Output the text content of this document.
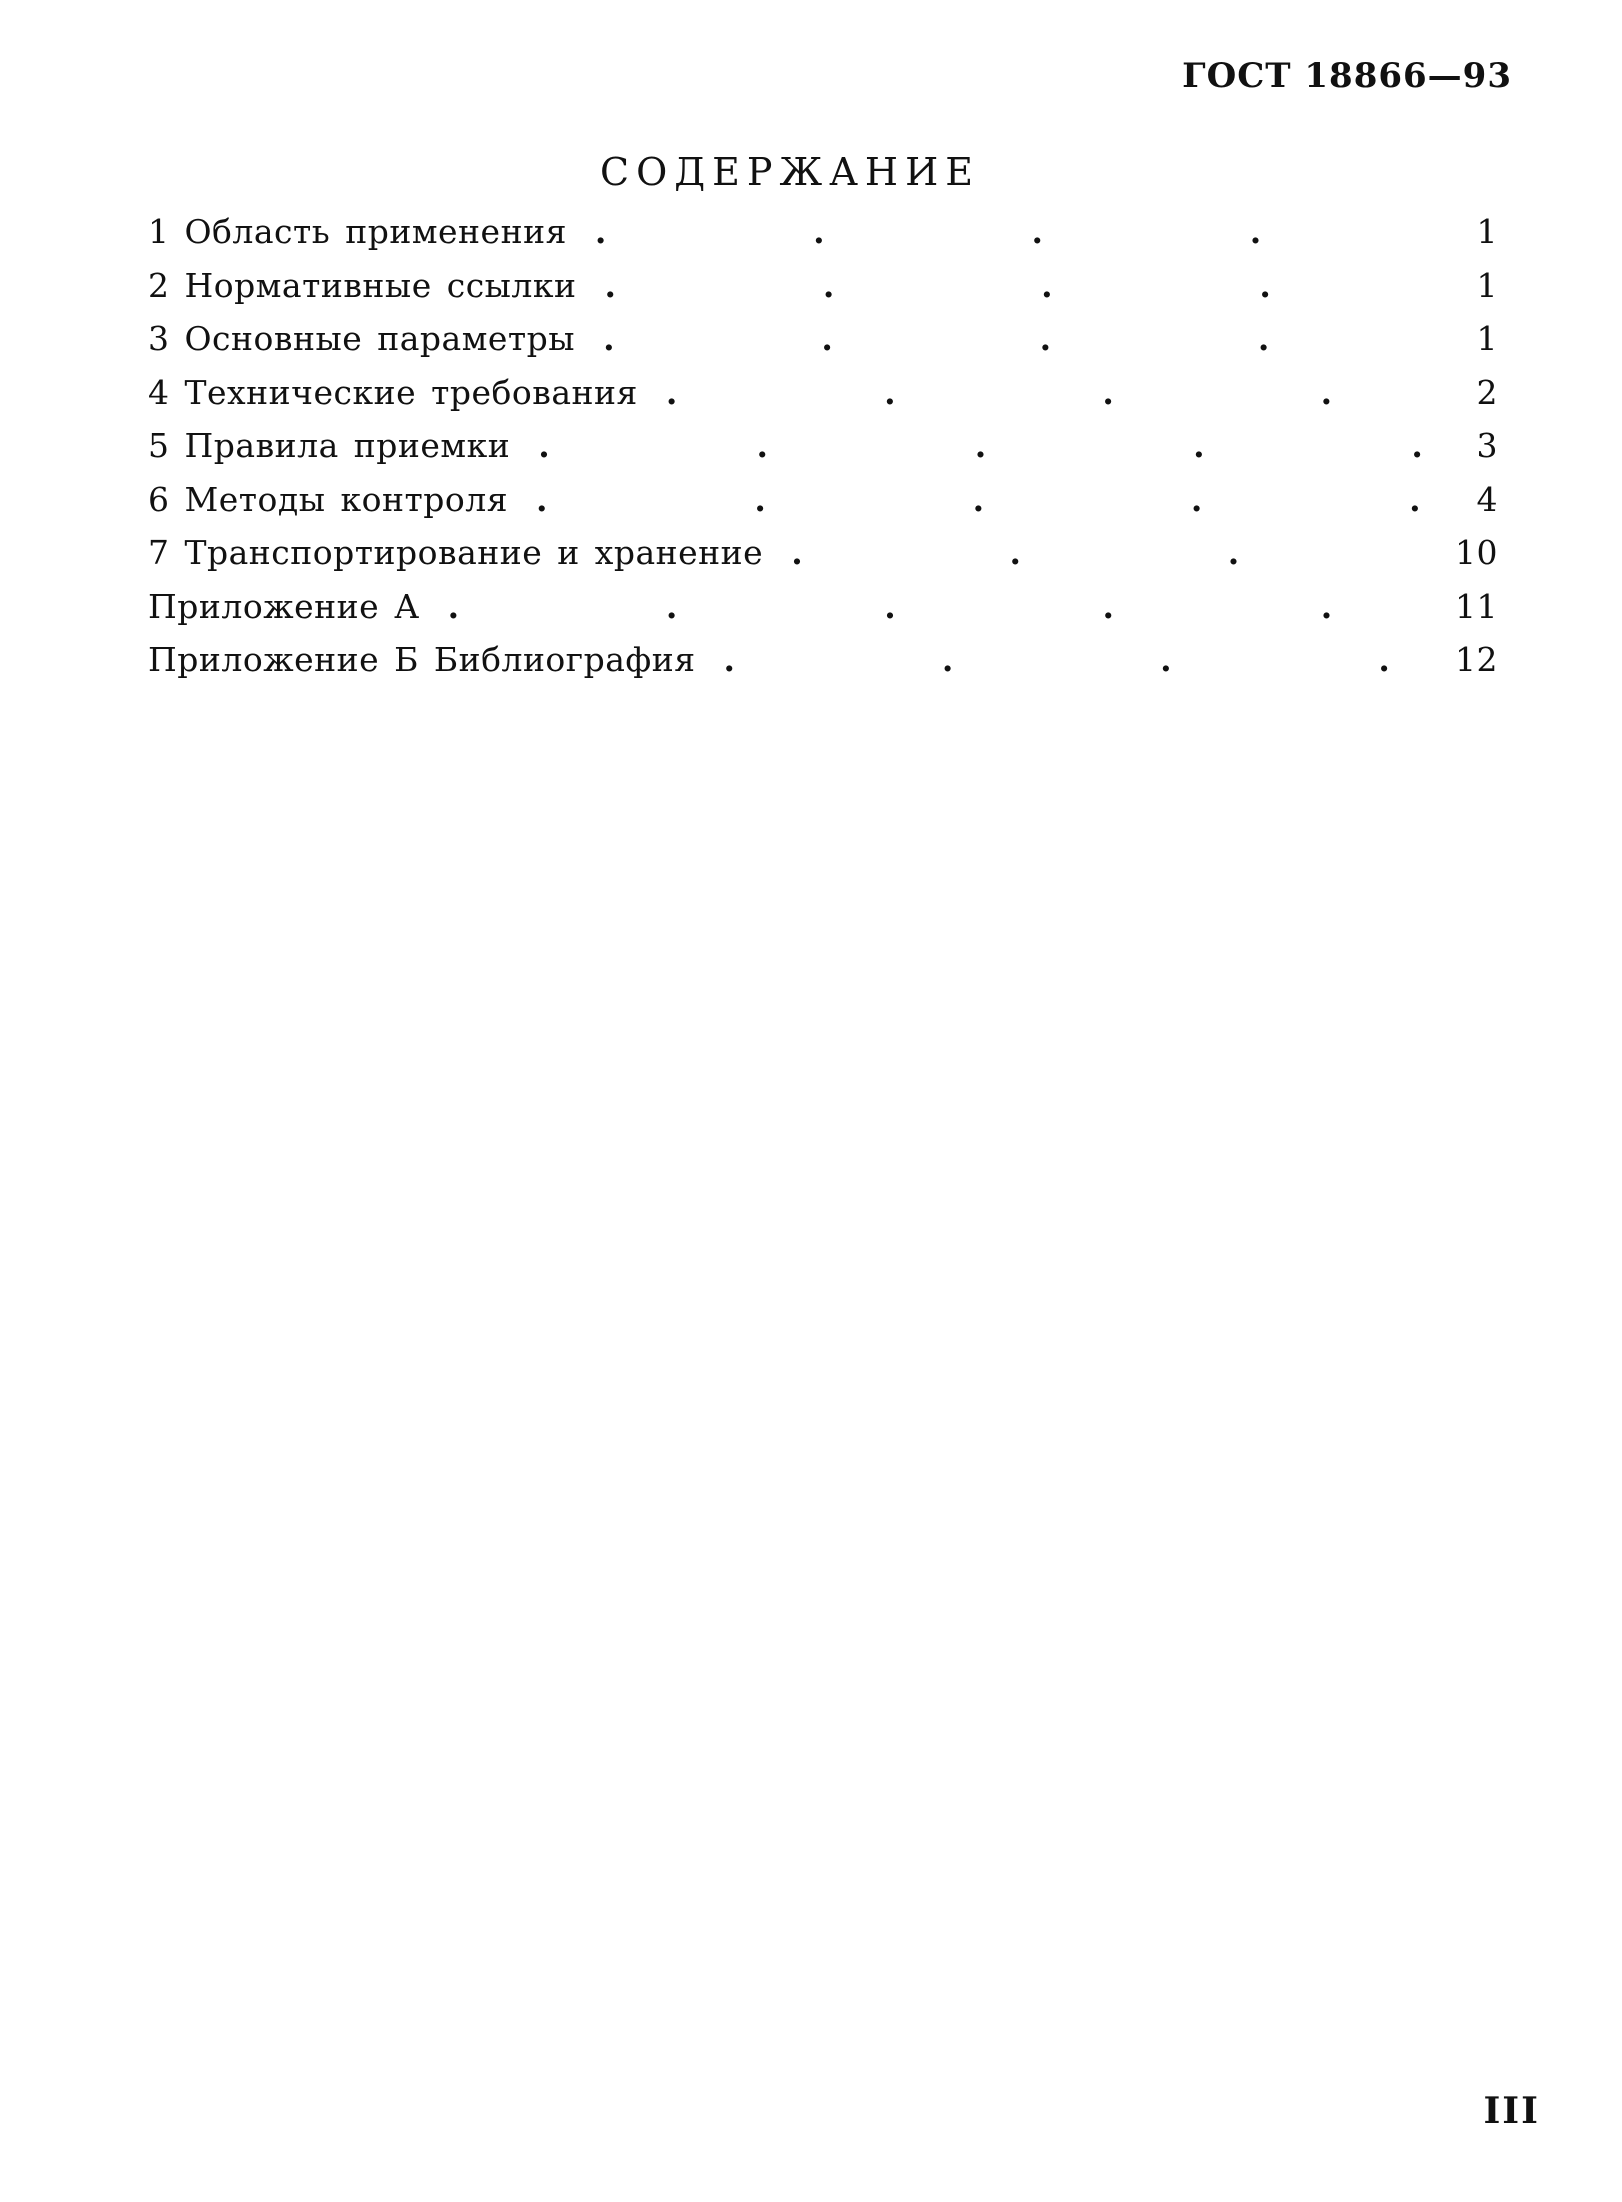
ГОСТ 18866—93
СОДЕРЖАНИЕ
1 Область применения .	1
2 Нормативные ссылки .	1
3 Основные параметры .	1
4 Технические требования .	2
5 Правила приемки .	3
6 Методы контроля .	4
7 Транспортирование и хранение .	10
Приложение А .	11
Приложение Б Библиография .	12
III
